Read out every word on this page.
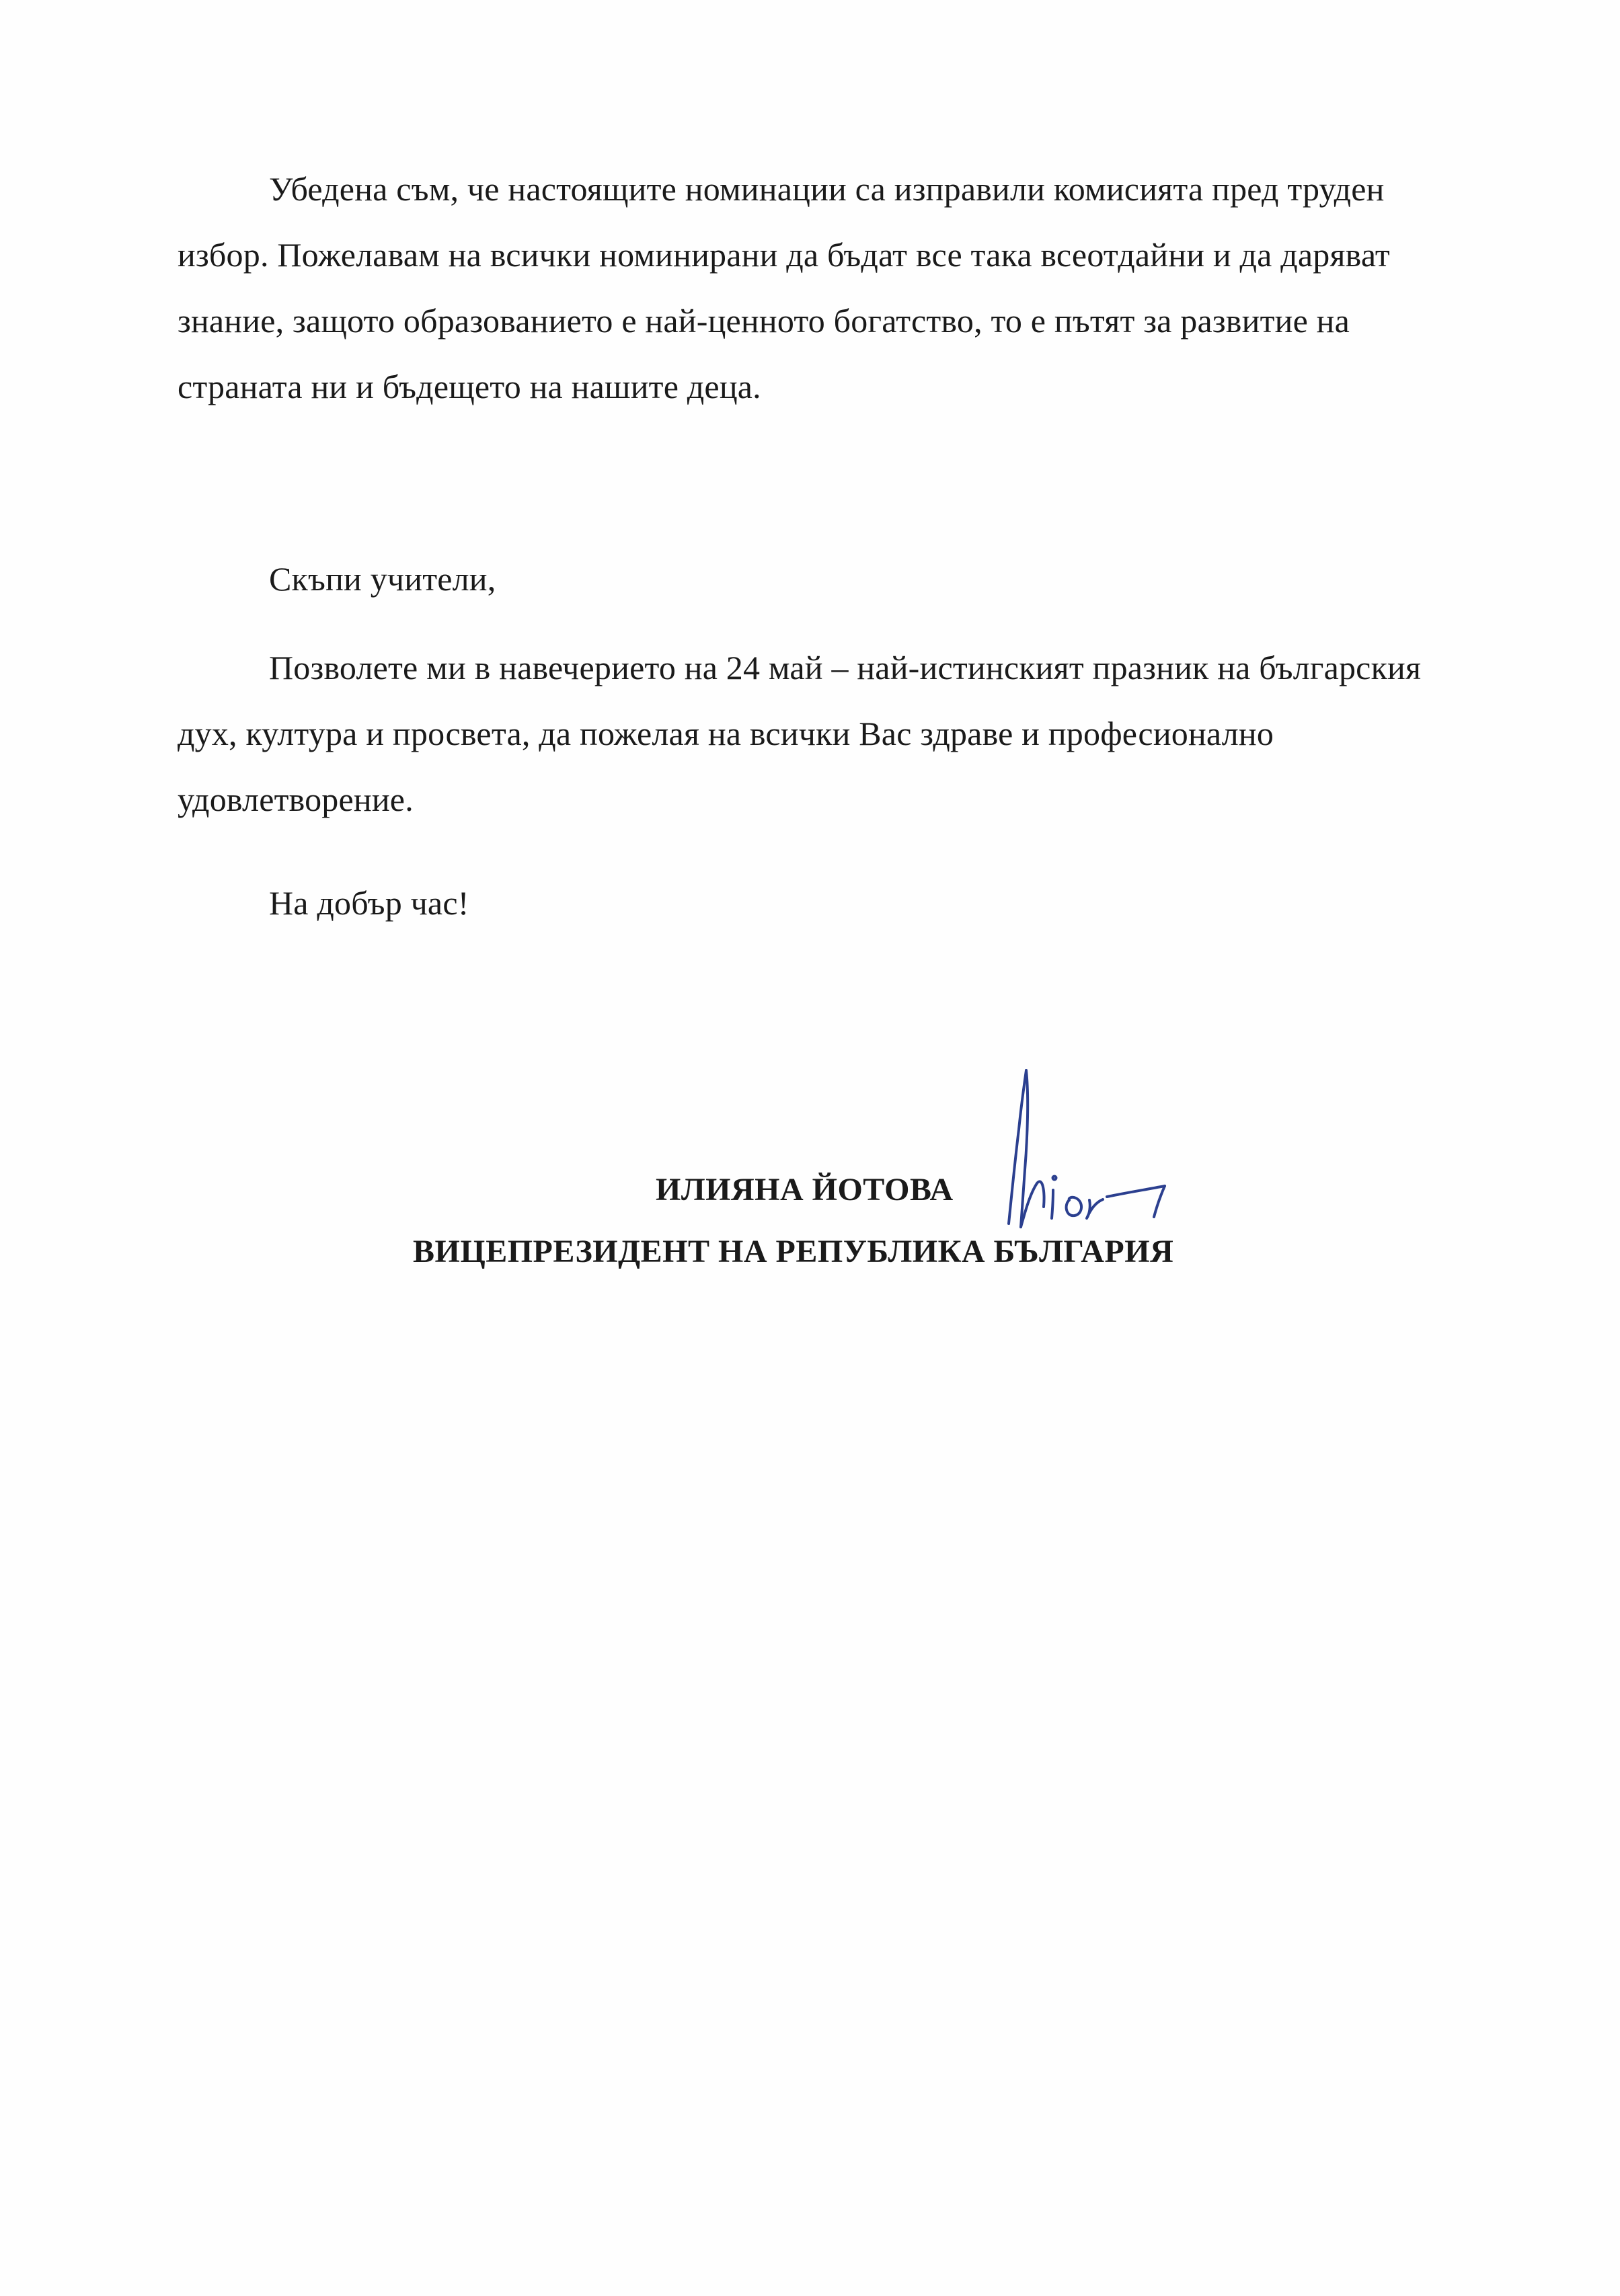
Убедена съм, че настоящите номинации са изправили комисията пред труден избор. Пожелавам на всички номинирани да бъдат все така всеотдайни и да даряват знание, защото образованието е най-ценното богатство, то е пътят за развитие на страната ни и бъдещето на нашите деца.

Скъпи учители,

Позволете ми в навечерието на 24 май – най-истинският празник на българския дух, култура и просвета, да пожелая на всички Вас здраве и професионално удовлетворение.

На добър час!

ИЛИЯНА ЙОТОВА
ВИЦЕПРЕЗИДЕНТ НА РЕПУБЛИКА БЪЛГАРИЯ
